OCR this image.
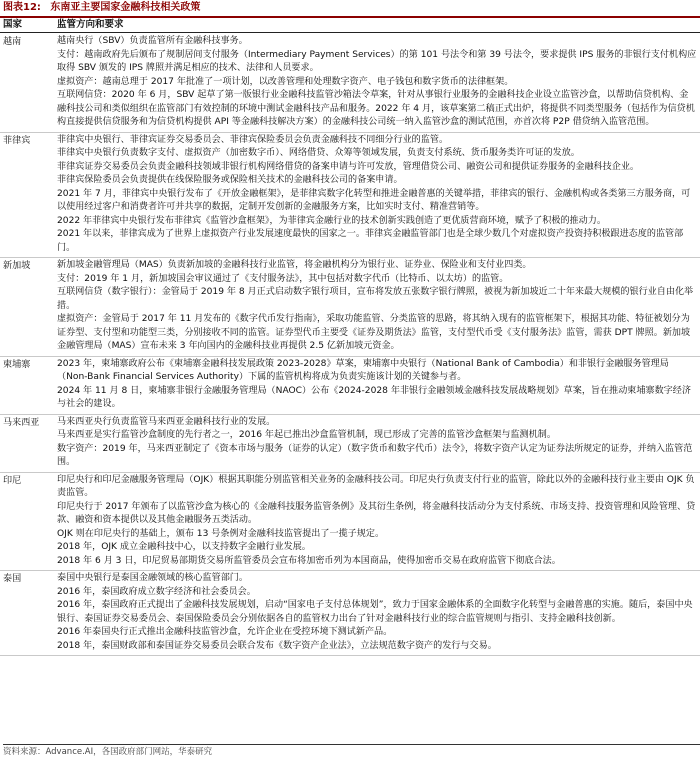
图表12: 东南亚主要国家金融科技相关政策
国家	监管方向和要求
越南	越南央行（SBV）负责监管所有金融科技事务。

支付：越南政府先后颁布了规制居间支付服务（Intermediary Payment Services）的第 101 号法令和第 39 号法令，要求提供 IPS 服务的非银行支付机构应取得 SBV 颁发的 IPS 牌照并满足相应的技术、法律和人员要求。

虚拟资产：越南总理于 2017 年批准了一项计划，以改善管理和处理数字资产、电子钱包和数字货币的法律框架。

互联网信贷：2020 年 6 月，SBV 起草了第一版银行业金融科技监管沙箱法令草案，针对从事银行业服务的金融科技企业设立监管沙盒，以帮助信贷机构、金融科技公司和类似组织在监管部门有效控制的环境中测试金融科技产品和服务。2022 年 4 月，该草案第二稿正式出炉，将提供不同类型服务（包括作为信贷机构直接提供信贷服务和为信贷机构提供 API 等金融科技解决方案）的金融科技公司统一纳入监管沙盒的测试范围，亦首次将 P2P 借贷纳入监管范围。

菲律宾	菲律宾中央银行、菲律宾证券交易委员会、菲律宾保险委员会负责金融科技不同细分行业的监管。

菲律宾中央银行负责数字支付、虚拟资产（加密数字币）、网络借贷、众筹等领域发展，负责支付系统、货币服务类许可证的发放。

菲律宾证券交易委员会负责金融科技领域非银行机构网络借贷的备案申请与许可发放，管理借贷公司、融资公司和提供证券服务的金融科技企业。

菲律宾保险委员会负责提供在线保险服务或保险相关技术的金融科技公司的备案申请。

2021 年 7 月，菲律宾中央银行发布了《开放金融框架》，是菲律宾数字化转型和推进金融普惠的关键举措，菲律宾的银行、金融机构或各类第三方服务商，可以使用经过客户和消费者许可并共享的数据，定制开发创新的金融服务方案，比如实时支付、精准营销等。

2022 年菲律宾中央银行发布菲律宾《监管沙盒框架》，为菲律宾金融行业的技术创新实践创造了更优质营商环境，赋予了积极的推动力。

2021 年以来，菲律宾成为了世界上虚拟资产行业发展速度最快的国家之一。菲律宾金融监管部门也是全球少数几个对虚拟资产投资持积极跟进态度的监管部门。

新加坡	新加坡金融管理局（MAS）负责新加坡的金融科技行业监管，将金融机构分为银行业、证券业、保险业和支付业四类。

支付：2019 年 1 月，新加坡国会审议通过了《支付服务法》，其中包括对数字代币（比特币、以太坊）的监管。

互联网信贷（数字银行）：金管局于 2019 年 8 月正式启动数字银行项目，宣布将发放五张数字银行牌照，被视为新加坡近二十年来最大规模的银行业自由化举措。

虚拟资产：金管局于 2017 年 11 月发布的《数字代币发行指南》，采取功能监管、分类监管的思路，将其纳入现有的监管框架下，根据其功能、特征被划分为证券型、支付型和功能型三类，分别接收不同的监管。证券型代币主要受《证券及期货法》监管，支付型代币受《支付服务法》监管，需获 DPT 牌照。新加坡金融管理局（MAS）宣布未来 3 年向国内的金融科技业再提供 2.5 亿新加坡元资金。

柬埔寨	2023 年，柬埔寨政府公布《柬埔寨金融科技发展政策 2023-2028》草案，柬埔寨中央银行（National Bank of Cambodia）和非银行金融服务管理局（Non-Bank Financial Services Authority）下属的监管机构将成为负责实施该计划的关键参与者。

2024 年 11 月 8 日，柬埔寨非银行金融服务管理局（NAOC）公布《2024-2028 年非银行金融领域金融科技发展战略规划》草案，旨在推动柬埔寨数字经济与社会的建设。

马来西亚	马来西亚央行负责监管马来西亚金融科技行业的发展。

马来西亚是实行监管沙盒制度的先行者之一，2016 年起已推出沙盒监管机制，现已形成了完善的监管沙盒框架与监测机制。

数字资产：2019 年，马来西亚制定了《资本市场与服务（证券的认定）（数字货币和数字代币）法令》，将数字资产认定为证券法所规定的证券，并纳入监管范围。

印尼	印尼央行和印尼金融服务管理局（OJK）根据其职能分别监管相关业务的金融科技公司。印尼央行负责支付行业的监管，除此以外的金融科技行业主要由 OJK 负责监管。

印尼央行于 2017 年颁布了以监管沙盒为核心的《金融科技服务监管条例》及其衍生条例，将金融科技活动分为支付系统、市场支持、投资管理和风险管理、贷款、融资和资本提供以及其他金融服务五类活动。

OJK 则在印尼央行的基础上，颁布 13 号条例对金融科技监管提出了一揽子规定。

2018 年，OJK 成立金融科技中心，以支持数字金融行业发展。

2018 年 6 月 3 日，印尼贸易部期货交易所监管委员会宣布将加密币列为本国商品，使得加密币交易在政府监管下彻底合法。

泰国	泰国中央银行是泰国金融领域的核心监管部门。

2016 年，泰国政府成立数字经济和社会委员会。

2016 年，泰国政府正式提出了金融科技发展规划，启动“国家电子支付总体规划”，致力于国家金融体系的全面数字化转型与金融普惠的实施。随后，泰国中央银行、泰国证券交易委员会、泰国保险委员会分别依据各自的监管权力出台了针对金融科技行业的综合监管规则与指引、支持金融科技创新。

2016 年泰国央行正式推出金融科技监管沙盒，允许企业在受控环境下测试新产品。

2018 年，泰国财政部和泰国证券交易委员会联合发布《数字资产企业法》，立法规范数字资产的发行与交易。

资料来源：Advance.AI，各国政府部门网站，华泰研究
